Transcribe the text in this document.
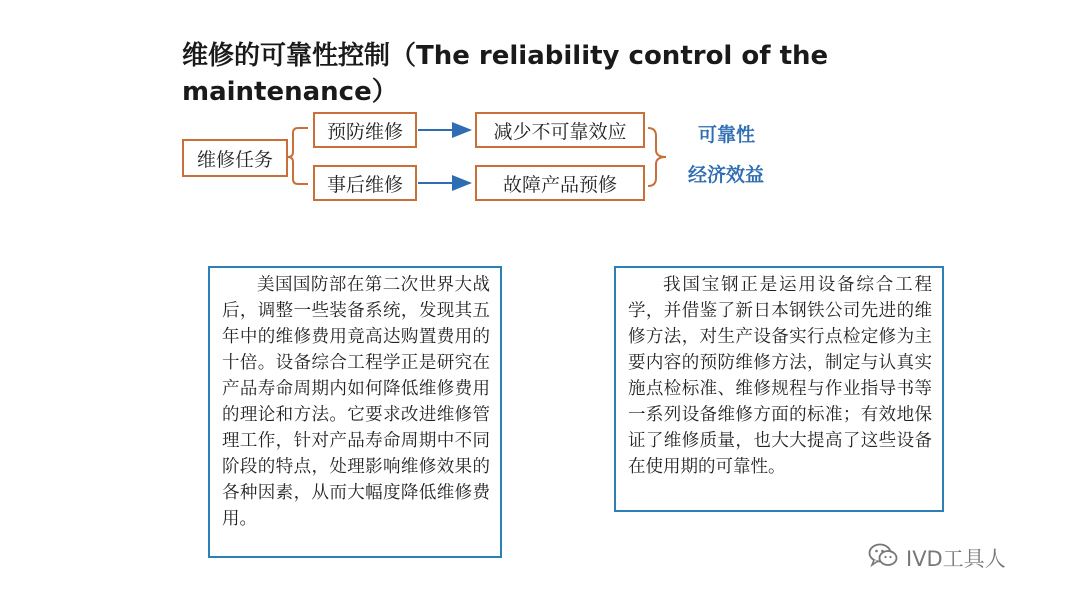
维修的可靠性控制（The reliability control of the maintenance）
维修任务
预防维修
事后维修
减少不可靠效应
故障产品预修
可靠性
经济效益

美国国防部在第二次世界大战后，调整一些装备系统，发现其五年中的维修费用竟高达购置费用的十倍。设备综合工程学正是研究在产品寿命周期内如何降低维修费用的理论和方法。它要求改进维修管理工作，针对产品寿命周期中不同阶段的特点，处理影响维修效果的各种因素，从而大幅度降低维修费用。

我国宝钢正是运用设备综合工程学，并借鉴了新日本钢铁公司先进的维修方法，对生产设备实行点检定修为主要内容的预防维修方法，制定与认真实施点检标准、维修规程与作业指导书等一系列设备维修方面的标准；有效地保证了维修质量，也大大提高了这些设备在使用期的可靠性。

IVD工具人
